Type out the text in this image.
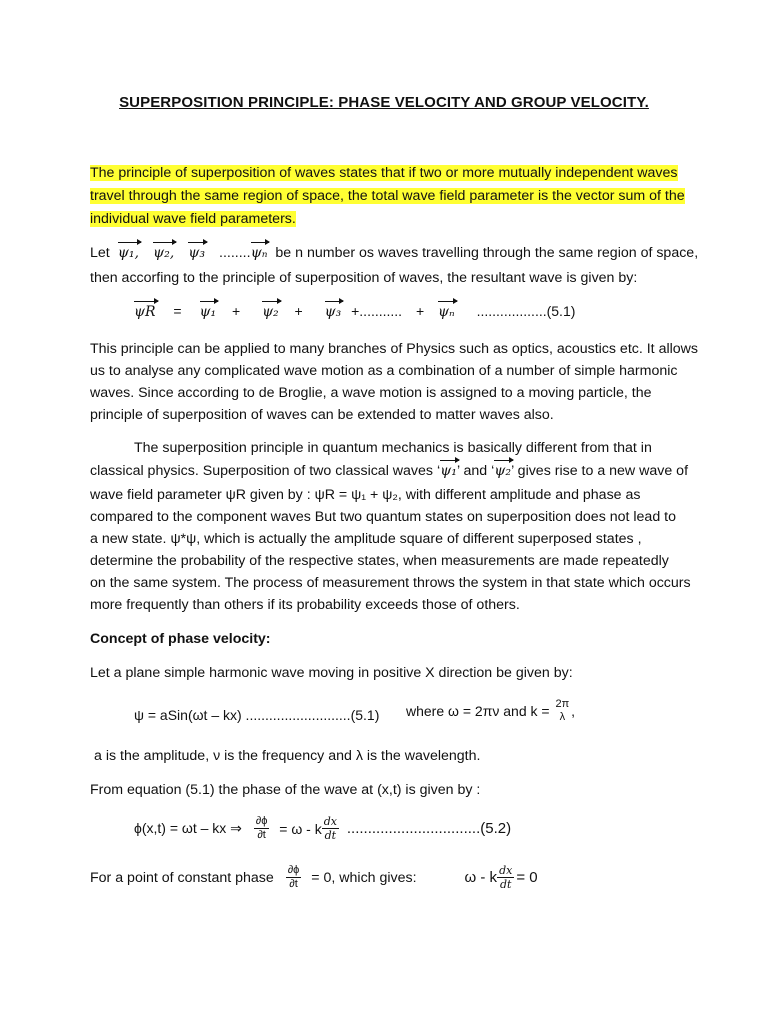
SUPERPOSITION PRINCIPLE: PHASE VELOCITY AND GROUP VELOCITY.
The principle of superposition of waves states that if two or more mutually independent waves
travel through the same region of space, the total wave field parameter is the vector sum of the
individual wave field parameters.
Let ψ₁, ψ₂, ψ₃ ........ψₙ be n number os waves travelling through the same region of space,
then accorfing to the principle of superposition of waves, the resultant wave is given by:
ψR = ψ₁ + ψ₂ + ψ₃ +........... + ψₙ ..................(5.1)
This principle can be applied to many branches of Physics such as optics, acoustics etc. It allows
us to analyse any complicated wave motion as a combination of a number of simple harmonic
waves. Since according to de Broglie, a wave motion is assigned to a moving particle, the
principle of superposition of waves can be extended to matter waves also.
The superposition principle in quantum mechanics is basically different from that in
classical physics. Superposition of two classical waves ‘ψ₁’ and ‘ψ₂’ gives rise to a new wave of
wave field parameter ψR given by : ψR = ψ₁ + ψ₂, with different amplitude and phase as
compared to the component waves But two quantum states on superposition does not lead to
a new state. ψ*ψ, which is actually the amplitude square of different superposed states ,
determine the probability of the respective states, when measurements are made repeatedly
on the same system. The process of measurement throws the system in that state which occurs
more frequently than others if its probability exceeds those of others.
Concept of phase velocity:
Let a plane simple harmonic wave moving in positive X direction be given by:
ψ = aSin(ωt – kx) ...........................(5.1) where ω = 2πν and k = 2π
λ ,
a is the amplitude, ν is the frequency and λ is the wavelength.
From equation (5.1) the phase of the wave at (x,t) is given by :
ϕ(x,t) = ωt – kx ⇒ $\frac{\partial\phi}{\partial t} = \omega - k \frac{dx}{dt} ................................(5.2)$
For a point of constant phase $\frac{\partial\phi}{\partial t} = 0$, which gives:	ω - k $\frac{dx}{dt} = 0$
